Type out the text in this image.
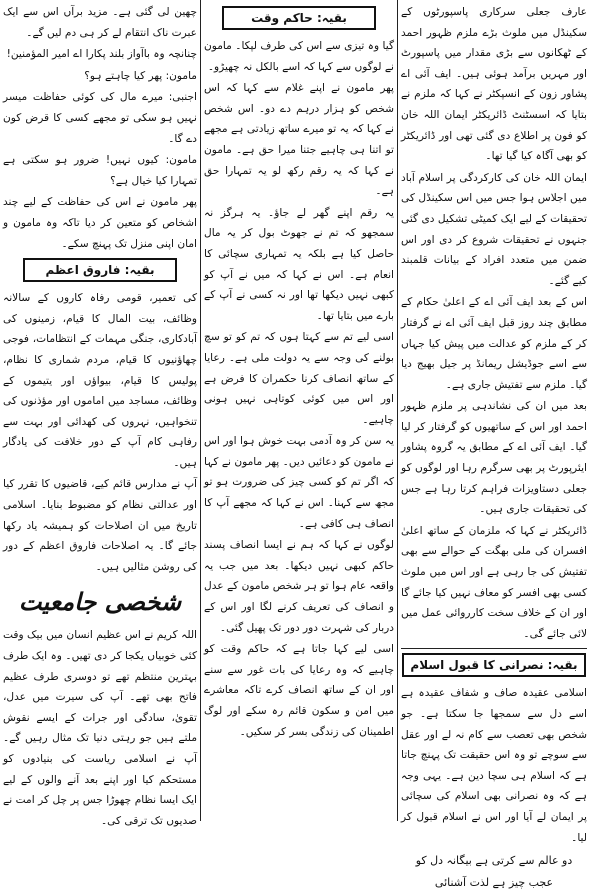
عارف جعلی سرکاری پاسپورٹوں کے سکینڈل میں ملوث بڑے ملزم ظہور احمد کے ٹھکانوں سے بڑی مقدار میں پاسپورٹ اور مہریں برآمد ہوئی ہیں۔ ایف آئی اے پشاور زون کے انسپکٹر نے کہا کہ ملزم نے بتایا کہ اسسٹنٹ ڈائریکٹر ایمان اللہ خان کو فون پر اطلاع دی گئی تھی اور ڈائریکٹر کو بھی آگاہ کیا گیا تھا۔

ایمان اللہ خان کی کارکردگی پر اسلام آباد میں اجلاس ہوا جس میں اس سکینڈل کی تحقیقات کے لیے ایک کمیٹی تشکیل دی گئی جنہوں نے تحقیقات شروع کر دی اور اس ضمن میں متعدد افراد کے بیانات قلمبند کیے گئے۔

اس کے بعد ایف آئی اے کے اعلیٰ حکام کے مطابق چند روز قبل ایف آئی اے نے گرفتار کر کے ملزم کو عدالت میں پیش کیا جہاں سے اسے جوڈیشل ریمانڈ پر جیل بھیج دیا گیا۔ ملزم سے تفتیش جاری ہے۔

بعد میں ان کی نشاندہی پر ملزم ظہور احمد اور اس کے ساتھیوں کو گرفتار کر لیا گیا۔ ایف آئی اے کے مطابق یہ گروہ پشاور ایئرپورٹ پر بھی سرگرم رہا اور لوگوں کو جعلی دستاویزات فراہم کرتا رہا ہے جس کی تحقیقات جاری ہیں۔

ڈائریکٹر نے کہا کہ ملزمان کے ساتھ اعلیٰ افسران کی ملی بھگت کے حوالے سے بھی تفتیش کی جا رہی ہے اور اس میں ملوث کسی بھی افسر کو معاف نہیں کیا جائے گا اور ان کے خلاف سخت کارروائی عمل میں لائی جائے گی۔

بقیہ: نصرانی کا قبول اسلام

اسلامی عقیدہ صاف و شفاف عقیدہ ہے اسے دل سے سمجھا جا سکتا ہے۔ جو شخص بھی تعصب سے کام نہ لے اور عقل سے سوچے تو وہ اس حقیقت تک پہنچ جاتا ہے کہ اسلام ہی سچا دین ہے۔ یہی وجہ ہے کہ وہ نصرانی بھی اسلام کی سچائی پر ایمان لے آیا اور اس نے اسلام قبول کر لیا۔

دو عالم سے کرتی ہے بیگانہ دل کو
عجب چیز ہے لذت آشنائی
بقیہ: حاکم وقت

گیا وہ تیزی سے اس کی طرف لپکا۔ مامون نے لوگوں سے کہا کہ اسے بالکل نہ چھیڑو۔

پھر مامون نے اپنے غلام سے کہا کہ اس شخص کو ہزار درہم دے دو۔ اس شخص نے کہا کہ یہ تو میرے ساتھ زیادتی ہے مجھے تو اتنا ہی چاہیے جتنا میرا حق ہے۔ مامون نے کہا کہ یہ رقم رکھ لو یہ تمہارا حق ہے۔

یہ رقم اپنے گھر لے جاؤ۔ یہ ہرگز نہ سمجھو کہ تم نے جھوٹ بول کر یہ مال حاصل کیا ہے بلکہ یہ تمہاری سچائی کا انعام ہے۔ اس نے کہا کہ میں نے آپ کو کبھی نہیں دیکھا تھا اور نہ کسی نے آپ کے بارے میں بتایا تھا۔

اسی لیے تم سے کہتا ہوں کہ تم کو تو سچ بولنے کی وجہ سے یہ دولت ملی ہے۔ رعایا کے ساتھ انصاف کرنا حکمران کا فرض ہے اور اس میں کوئی کوتاہی نہیں ہونی چاہیے۔

یہ سن کر وہ آدمی بہت خوش ہوا اور اس نے مامون کو دعائیں دیں۔ پھر مامون نے کہا کہ اگر تم کو کسی چیز کی ضرورت ہو تو مجھ سے کہنا۔ اس نے کہا کہ مجھے آپ کا انصاف ہی کافی ہے۔

لوگوں نے کہا کہ ہم نے ایسا انصاف پسند حاکم کبھی نہیں دیکھا۔ بعد میں جب یہ واقعہ عام ہوا تو ہر شخص مامون کے عدل و انصاف کی تعریف کرنے لگا اور اس کے دربار کی شہرت دور دور تک پھیل گئی۔

اسی لیے کہا جاتا ہے کہ حاکم وقت کو چاہیے کہ وہ رعایا کی بات غور سے سنے اور ان کے ساتھ انصاف کرے تاکہ معاشرے میں امن و سکون قائم رہ سکے اور لوگ اطمینان کی زندگی بسر کر سکیں۔

چھین لی گئی ہے۔ مزید برآں اس سے ایک عبرت ناک انتقام لے کر ہی دم لیں گے۔

چنانچہ وہ باآواز بلند پکارا اے امیر المؤمنین!

مامون: پھر کیا چاہتے ہو؟

اجنبی: میرے مال کی کوئی حفاظت میسر نہیں ہو سکی تو مجھے کسی کا قرض کون دے گا۔

مامون: کیوں نہیں! ضرور ہو سکتی ہے تمہارا کیا خیال ہے؟

پھر مامون نے اس کی حفاظت کے لیے چند اشخاص کو متعین کر دیا تاکہ وہ مامون و امان اپنی منزل تک پہنچ سکے۔

بقیہ: فاروق اعظم

کی تعمیر، قومی رفاہ کاروں کے سالانہ وظائف، بیت المال کا قیام، زمینوں کی آبادکاری، جنگی مہمات کے انتظامات، فوجی چھاؤنیوں کا قیام، مردم شماری کا نظام، پولیس کا قیام، بیواؤں اور یتیموں کے وظائف، مساجد میں اماموں اور مؤذنوں کی تنخواہیں، نہروں کی کھدائی اور بہت سے رفاہی کام آپ کے دور خلافت کی یادگار ہیں۔

آپ نے مدارس قائم کیے، قاضیوں کا تقرر کیا اور عدالتی نظام کو مضبوط بنایا۔ اسلامی تاریخ میں ان اصلاحات کو ہمیشہ یاد رکھا جائے گا۔ یہ اصلاحات فاروق اعظم کے دور کی روشن مثالیں ہیں۔

شخصی جامعیت

اللہ کریم نے اس عظیم انسان میں بیک وقت کئی خوبیاں یکجا کر دی تھیں۔ وہ ایک طرف بہترین منتظم تھے تو دوسری طرف عظیم فاتح بھی تھے۔ آپ کی سیرت میں عدل، تقویٰ، سادگی اور جرات کے ایسے نقوش ملتے ہیں جو رہتی دنیا تک مثال رہیں گے۔ آپ نے اسلامی ریاست کی بنیادوں کو مستحکم کیا اور اپنے بعد آنے والوں کے لیے ایک ایسا نظام چھوڑا جس پر چل کر امت نے صدیوں تک ترقی کی۔
